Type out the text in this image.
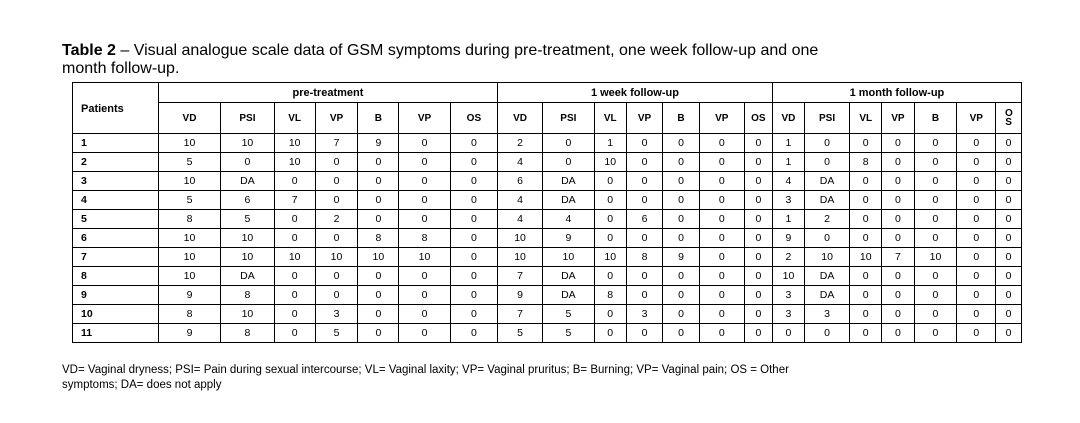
Table 2 – Visual analogue scale data of GSM symptoms during pre-treatment, one week follow-up and one month follow-up.
Patients	pre-treatment							1 week follow-up							1 month follow-up						
	VD	PSI	VL	VP	B	VP	OS	VD	PSI	VL	VP	B	VP	OS	VD	PSI	VL	VP	B	VP	OS
1	10	10	10	7	9	0	0	2	0	1	0	0	0	0	1	0	0	0	0	0	0
2	5	0	10	0	0	0	0	4	0	10	0	0	0	0	1	0	8	0	0	0	0
3	10	DA	0	0	0	0	0	6	DA	0	0	0	0	0	4	DA	0	0	0	0	0
4	5	6	7	0	0	0	0	4	DA	0	0	0	0	0	3	DA	0	0	0	0	0
5	8	5	0	2	0	0	0	4	4	0	6	0	0	0	1	2	0	0	0	0	0
6	10	10	0	0	8	8	0	10	9	0	0	0	0	0	9	0	0	0	0	0	0
7	10	10	10	10	10	10	0	10	10	10	8	9	0	0	2	10	10	7	10	0	0
8	10	DA	0	0	0	0	0	7	DA	0	0	0	0	0	10	DA	0	0	0	0	0
9	9	8	0	0	0	0	0	9	DA	8	0	0	0	0	3	DA	0	0	0	0	0
10	8	10	0	3	0	0	0	7	5	0	3	0	0	0	3	3	0	0	0	0	0
11	9	8	0	5	0	0	0	5	5	0	0	0	0	0	0	0	0	0	0	0	0
VD= Vaginal dryness; PSI= Pain during sexual intercourse; VL= Vaginal laxity; VP= Vaginal pruritus; B= Burning; VP= Vaginal pain; OS = Other symptoms; DA= does not apply
